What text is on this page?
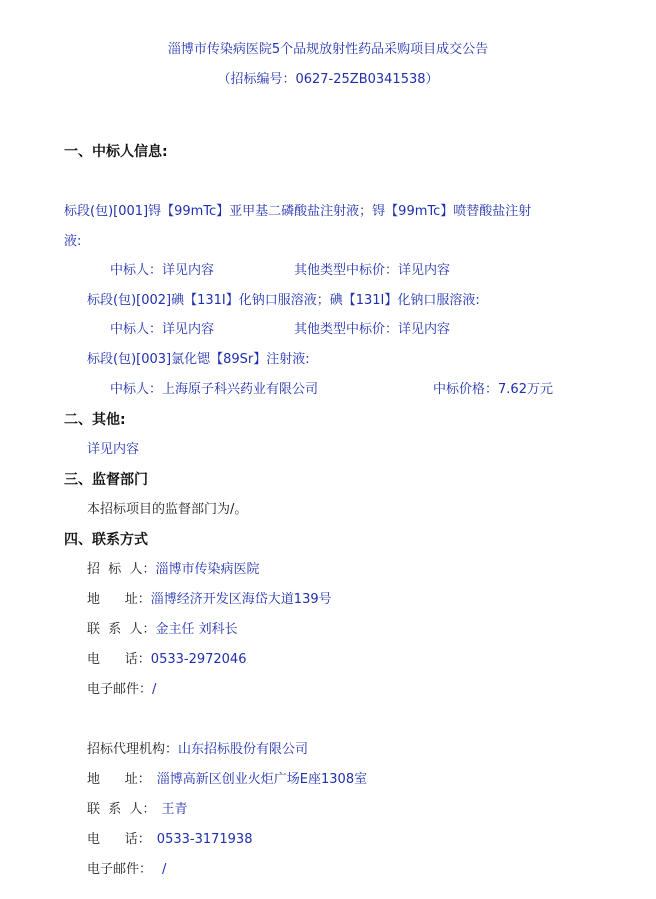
淄博市传染病医院5个品规放射性药品采购项目成交公告
（招标编号：0627-25ZB0341538）
一、中标人信息:
标段(包)[001]锝【99mTc】亚甲基二磷酸盐注射液；锝【99mTc】喷替酸盐注射
液:
中标人：详见内容	其他类型中标价：详见内容
标段(包)[002]碘【131I】化钠口服溶液；碘【131I】化钠口服溶液:
中标人：详见内容	其他类型中标价：详见内容
标段(包)[003]氯化锶【89Sr】注射液:
中标人：上海原子科兴药业有限公司	中标价格：7.62万元
二、其他:
详见内容
三、监督部门
本招标项目的监督部门为/。
四、联系方式
招  标  人：淄博市传染病医院
地      址：淄博经济开发区海岱大道139号
联  系  人：金主任 刘科长
电      话：0533-2972046
电子邮件：/
招标代理机构：山东招标股份有限公司
地      址： 淄博高新区创业火炬广场E座1308室
联  系  人： 王青
电      话： 0533-3171938
电子邮件： /
